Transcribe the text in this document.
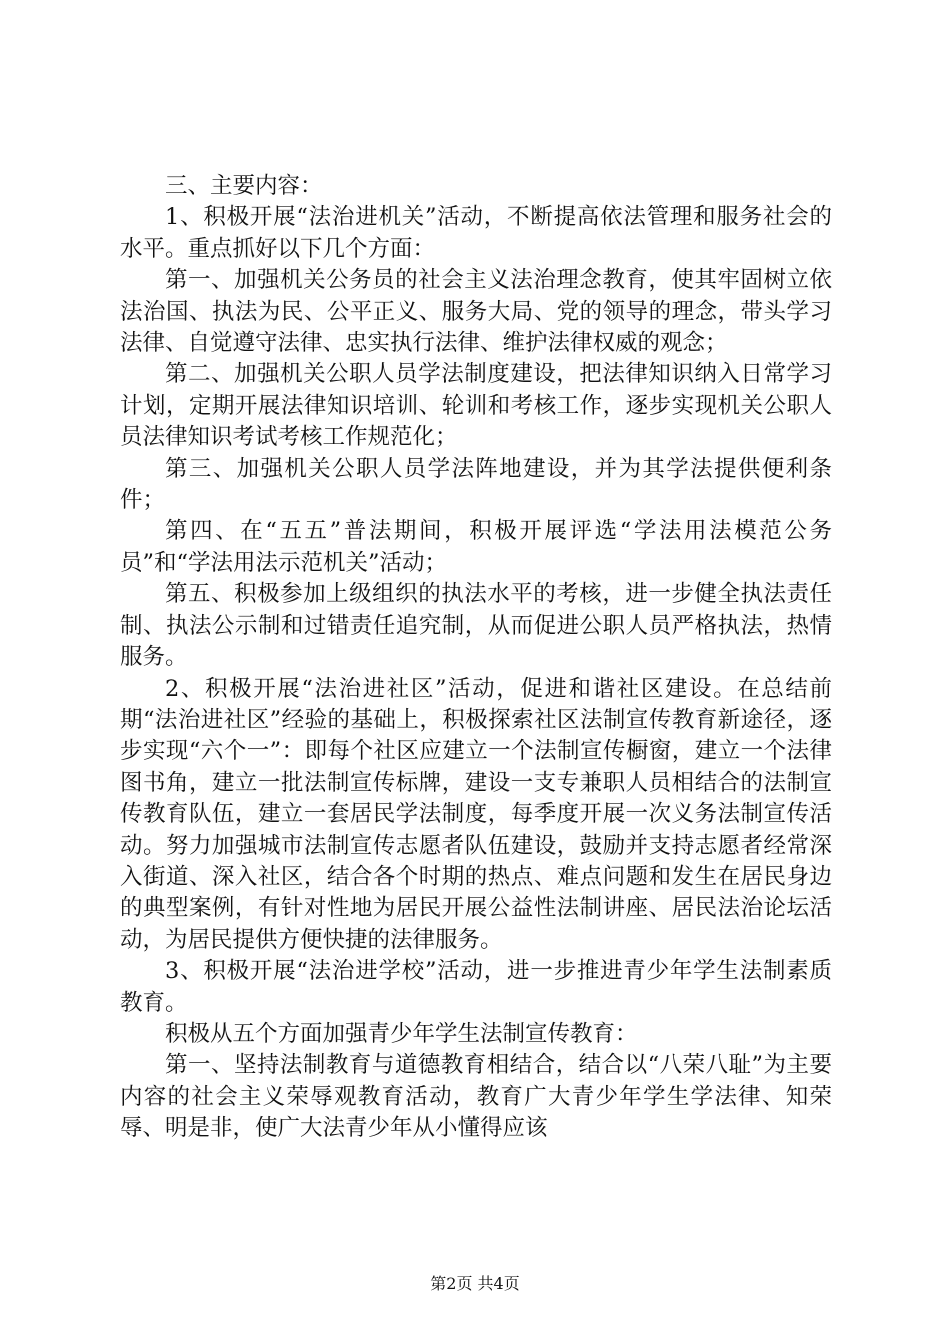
三、主要内容：

1、积极开展“法治进机关”活动，不断提高依法管理和服务社会的水平。重点抓好以下几个方面：

第一、加强机关公务员的社会主义法治理念教育，使其牢固树立依法治国、执法为民、公平正义、服务大局、党的领导的理念，带头学习法律、自觉遵守法律、忠实执行法律、维护法律权威的观念；

第二、加强机关公职人员学法制度建设，把法律知识纳入日常学习计划，定期开展法律知识培训、轮训和考核工作，逐步实现机关公职人员法律知识考试考核工作规范化；

第三、加强机关公职人员学法阵地建设，并为其学法提供便利条件；

第四、在“五五”普法期间，积极开展评选“学法用法模范公务员”和“学法用法示范机关”活动；

第五、积极参加上级组织的执法水平的考核，进一步健全执法责任制、执法公示制和过错责任追究制，从而促进公职人员严格执法，热情服务。

2、积极开展“法治进社区”活动，促进和谐社区建设。在总结前期“法治进社区”经验的基础上，积极探索社区法制宣传教育新途径，逐步实现“六个一”：即每个社区应建立一个法制宣传橱窗，建立一个法律图书角，建立一批法制宣传标牌，建设一支专兼职人员相结合的法制宣传教育队伍，建立一套居民学法制度，每季度开展一次义务法制宣传活动。努力加强城市法制宣传志愿者队伍建设，鼓励并支持志愿者经常深入街道、深入社区，结合各个时期的热点、难点问题和发生在居民身边的典型案例，有针对性地为居民开展公益性法制讲座、居民法治论坛活动，为居民提供方便快捷的法律服务。

3、积极开展“法治进学校”活动，进一步推进青少年学生法制素质教育。

积极从五个方面加强青少年学生法制宣传教育：

第一、坚持法制教育与道德教育相结合，结合以“八荣八耻”为主要内容的社会主义荣辱观教育活动，教育广大青少年学生学法律、知荣辱、明是非，使广大法青少年从小懂得应该

第2页 共4页
